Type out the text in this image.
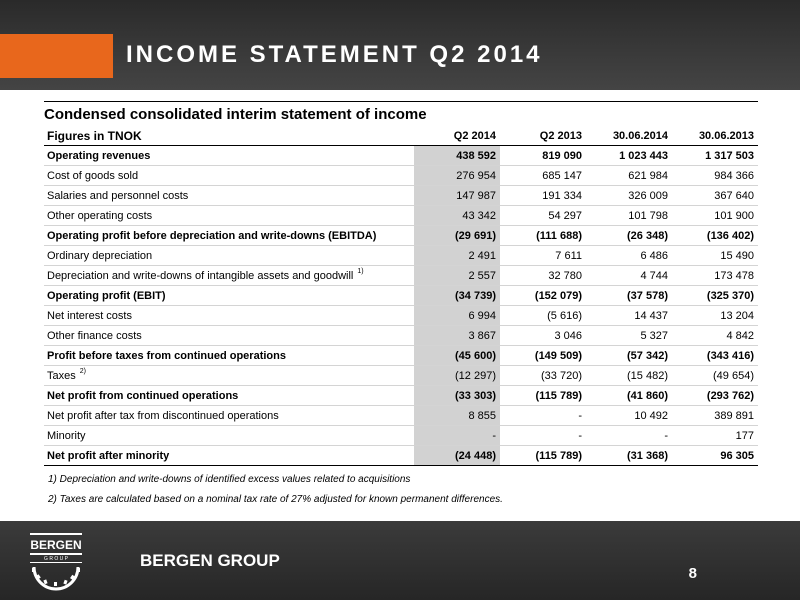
INCOME STATEMENT Q2 2014
Condensed consolidated interim statement of income
Figures in TNOK	Q2 2014	Q2 2013	30.06.2014	30.06.2013
Operating revenues	438 592	819 090	1 023 443	1 317 503
Cost of goods sold	276 954	685 147	621 984	984 366
Salaries and personnel costs	147 987	191 334	326 009	367 640
Other operating costs	43 342	54 297	101 798	101 900
Operating profit before depreciation and write-downs (EBITDA)	(29 691)	(111 688)	(26 348)	(136 402)
Ordinary depreciation	2 491	7 611	6 486	15 490
Depreciation and write-downs of intangible assets and goodwill $^{1)}$	2 557	32 780	4 744	173 478
Operating profit (EBIT)	(34 739)	(152 079)	(37 578)	(325 370)
Net interest costs	6 994	(5 616)	14 437	13 204
Other finance costs	3 867	3 046	5 327	4 842
Profit before taxes from continued operations	(45 600)	(149 509)	(57 342)	(343 416)
Taxes $^{2)}$	(12 297)	(33 720)	(15 482)	(49 654)
Net profit from continued operations	(33 303)	(115 789)	(41 860)	(293 762)
Net profit after tax from discontinued operations	8 855	-	10 492	389 891
Minority	-	-	-	177
Net profit after minority	(24 448)	(115 789)	(31 368)	96 305
1) Depreciation and write-downs of identified excess values related to acquisitions
2) Taxes are calculated based on a nominal tax rate of 27% adjusted for known permanent differences.
BERGEN
G R O U P	BERGEN GROUP
8
